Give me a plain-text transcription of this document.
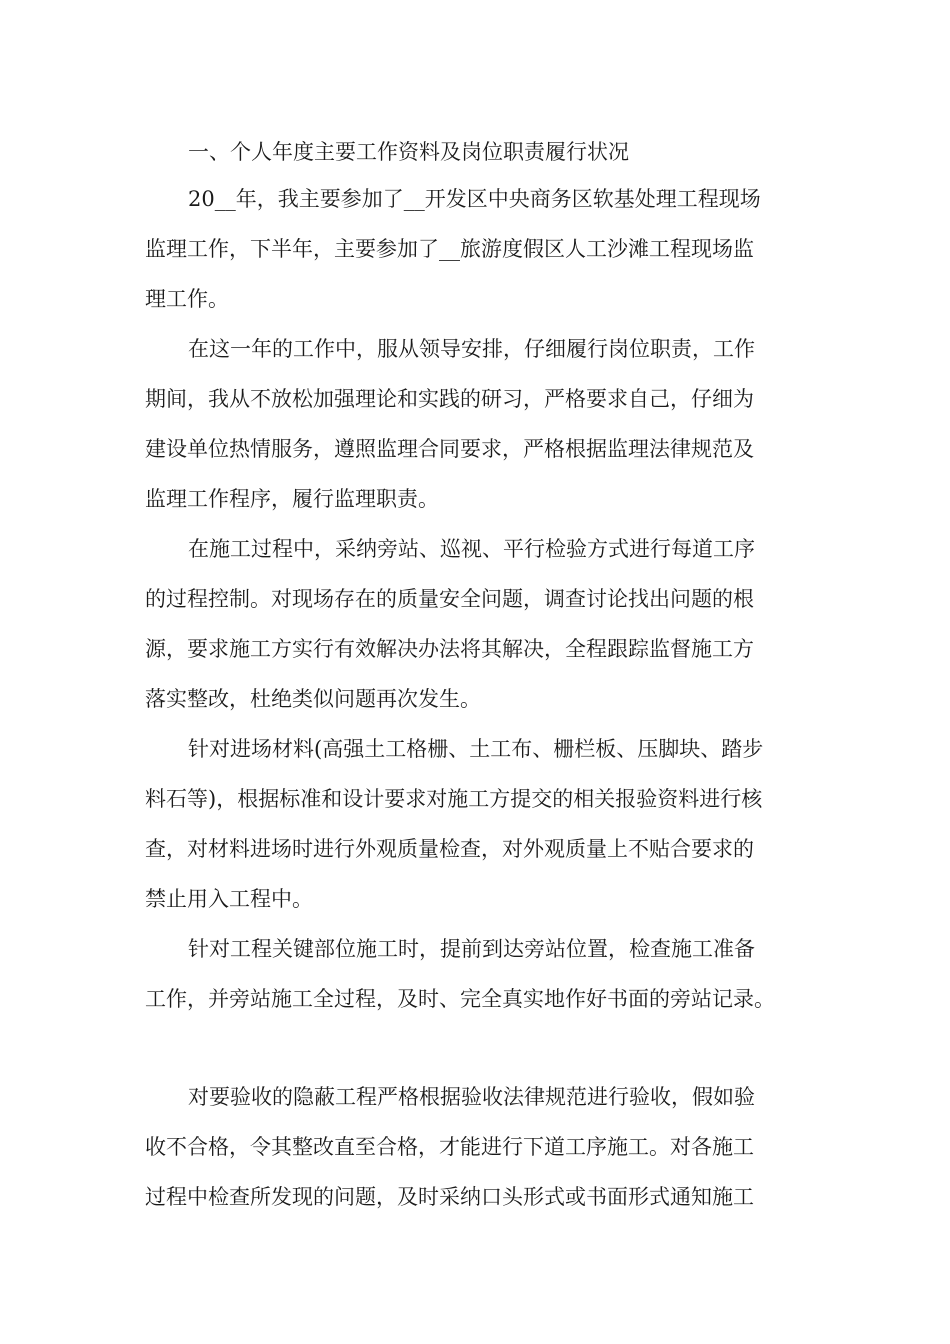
一、个人年度主要工作资料及岗位职责履行状况

20__年，我主要参加了__开发区中央商务区软基处理工程现场

监理工作，下半年，主要参加了__旅游度假区人工沙滩工程现场监

理工作。

在这一年的工作中，服从领导安排，仔细履行岗位职责，工作

期间，我从不放松加强理论和实践的研习，严格要求自己，仔细为

建设单位热情服务，遵照监理合同要求，严格根据监理法律规范及

监理工作程序，履行监理职责。

在施工过程中，采纳旁站、巡视、平行检验方式进行每道工序

的过程控制。对现场存在的质量安全问题，调查讨论找出问题的根

源，要求施工方实行有效解决办法将其解决，全程跟踪监督施工方

落实整改，杜绝类似问题再次发生。

针对进场材料(高强土工格栅、土工布、栅栏板、压脚块、踏步

料石等)，根据标准和设计要求对施工方提交的相关报验资料进行核

查，对材料进场时进行外观质量检查，对外观质量上不贴合要求的

禁止用入工程中。

针对工程关键部位施工时，提前到达旁站位置，检查施工准备

工作，并旁站施工全过程，及时、完全真实地作好书面的旁站记录。

对要验收的隐蔽工程严格根据验收法律规范进行验收，假如验

收不合格，令其整改直至合格，才能进行下道工序施工。对各施工

过程中检查所发现的问题，及时采纳口头形式或书面形式通知施工
